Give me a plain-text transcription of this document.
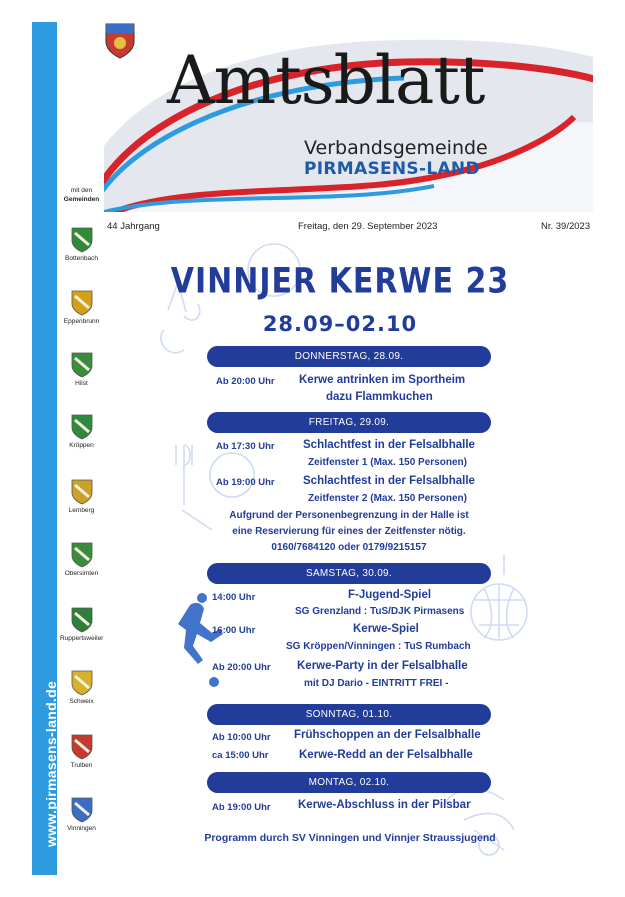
www.pirmasens-land.de
mit den
Gemeinden
Bottenbach
Eppenbrunn
Hilst
Kröppen
Lemberg
Obersimten
Ruppertsweiler
Schweix
Trulben
Vinningen
Amtsblatt
Verbandsgemeinde
PIRMASENS-LAND
44 Jahrgang	Freitag, den 29. September 2023	Nr. 39/2023
VINNJER KERWE 23
28.09–02.10
DONNERSTAG, 28.09.
Ab 20:00 Uhr Kerwe antrinken im Sportheim
dazu Flammkuchen
FREITAG, 29.09.
Ab 17:30 Uhr Schlachtfest in der Felsalbhalle
Zeitfenster 1 (Max. 150 Personen)
Ab 19:00 Uhr Schlachtfest in der Felsalbhalle
Zeitfenster 2 (Max. 150 Personen)
Aufgrund der Personenbegrenzung in der Halle ist
eine Reservierung für eines der Zeitfenster nötig.
0160/7684120 oder 0179/9215157
SAMSTAG, 30.09.
14:00 Uhr	F-Jugend-Spiel
SG Grenzland : TuS/DJK Pirmasens
16:00 Uhr	Kerwe-Spiel
SG Kröppen/Vinningen : TuS Rumbach
Ab 20:00 Uhr Kerwe-Party in der Felsalbhalle
mit DJ Dario - EINTRITT FREI -
SONNTAG, 01.10.
Ab 10:00 Uhr Frühschoppen an der Felsalbhalle
ca 15:00 Uhr	Kerwe-Redd an der Felsalbhalle
MONTAG, 02.10.
Ab 19:00 Uhr Kerwe-Abschluss in der Pilsbar
Programm durch SV Vinningen und Vinnjer Straussjugend
